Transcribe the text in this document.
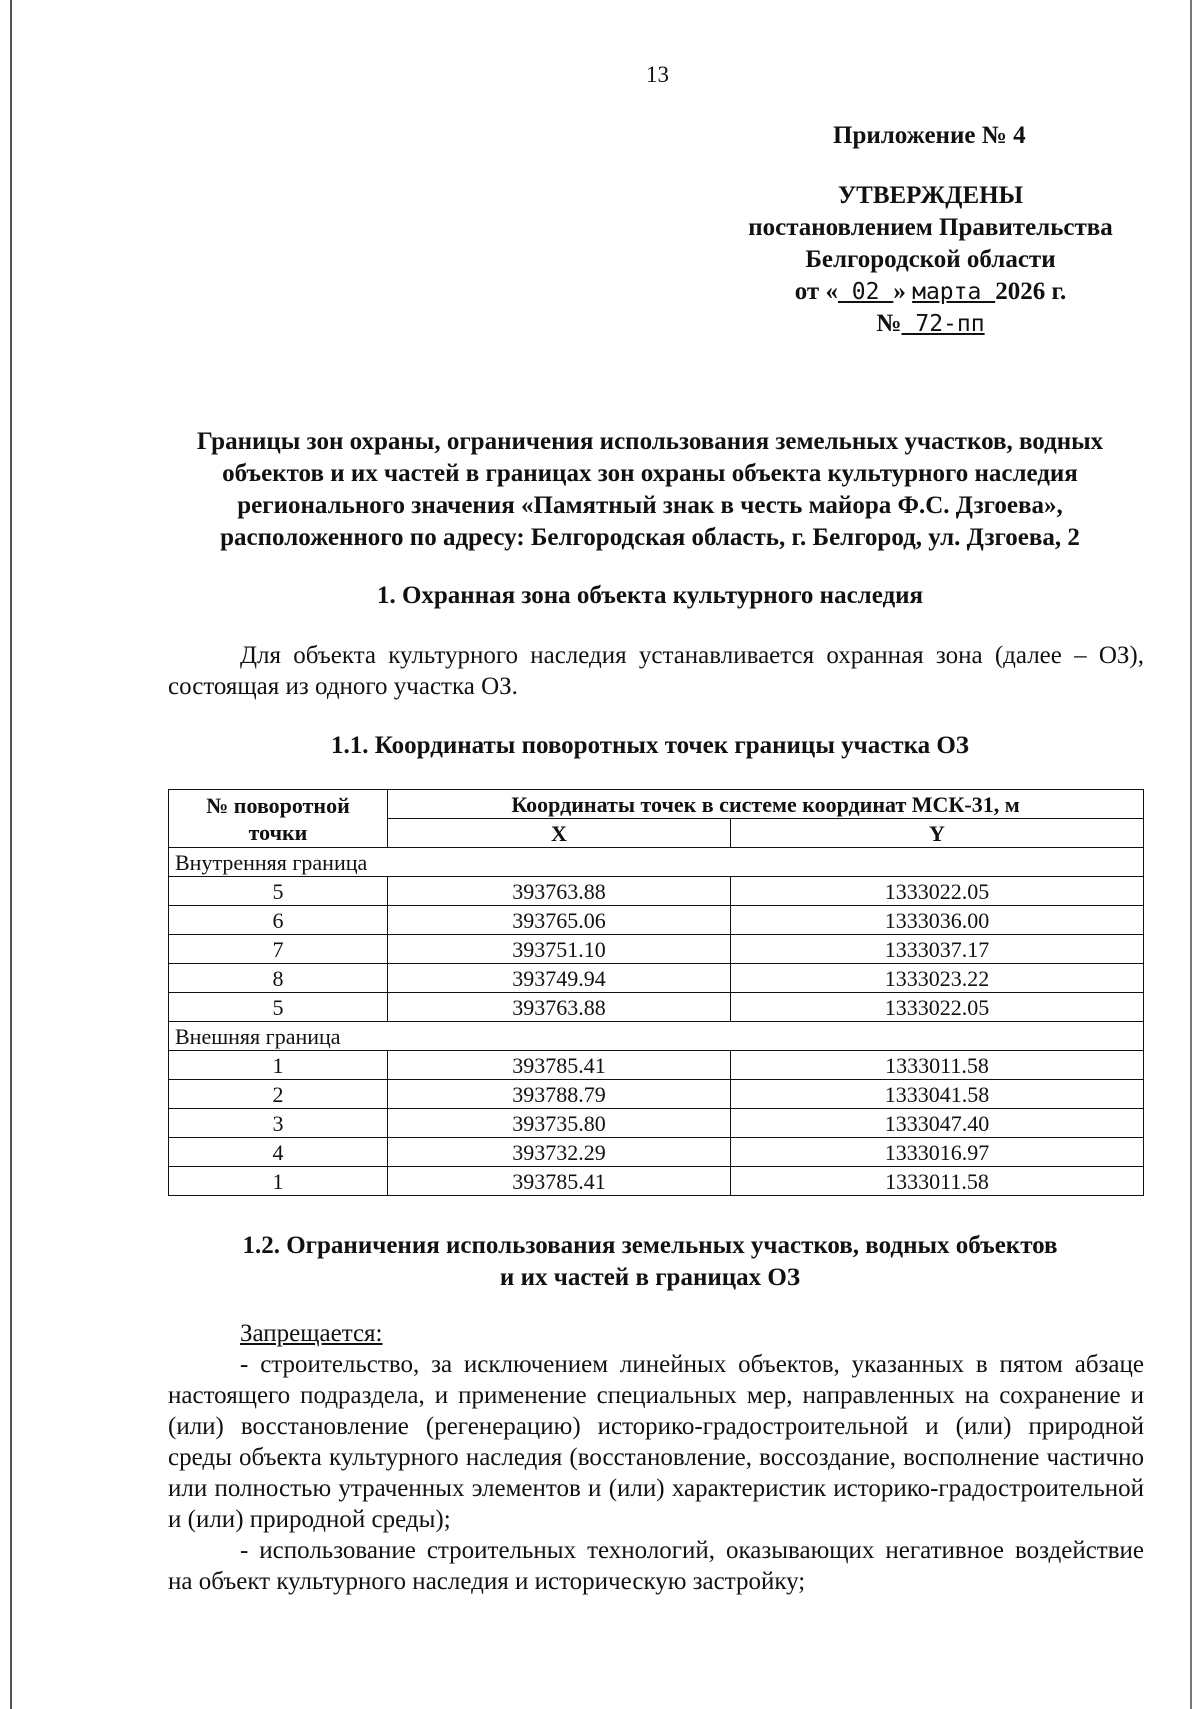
13
Приложение № 4
УТВЕРЖДЕНЫ
постановлением Правительства
Белгородской области
от « 02 » марта 2026 г.
№ 72-пп
Границы зон охраны, ограничения использования земельных участков, водных
объектов и их частей в границах зон охраны объекта культурного наследия
регионального значения «Памятный знак в честь майора Ф.С. Дзгоева»,
расположенного по адресу: Белгородская область, г. Белгород, ул. Дзгоева, 2
1. Охранная зона объекта культурного наследия

Для объекта культурного наследия устанавливается охранная зона (далее – ОЗ), состоящая из одного участка ОЗ.

1.1. Координаты поворотных точек границы участка ОЗ
№ поворотной
точки	Координаты точек в системе координат МСК-31, м	
	X	Y
Внутренняя граница		
5	393763.88	1333022.05
6	393765.06	1333036.00
7	393751.10	1333037.17
8	393749.94	1333023.22
5	393763.88	1333022.05
Внешняя граница		
1	393785.41	1333011.58
2	393788.79	1333041.58
3	393735.80	1333047.40
4	393732.29	1333016.97
1	393785.41	1333011.58
1.2. Ограничения использования земельных участков, водных объектов
и их частей в границах ОЗ
Запрещается:

- строительство, за исключением линейных объектов, указанных в пятом абзаце настоящего подраздела, и применение специальных мер, направленных на сохранение и (или) восстановление (регенерацию) историко-градостроительной и (или) природной среды объекта культурного наследия (восстановление, воссоздание, восполнение частично или полностью утраченных элементов и (или) характеристик историко-градостроительной и (или) природной среды);

- использование строительных технологий, оказывающих негативное воздействие на объект культурного наследия и историческую застройку;
